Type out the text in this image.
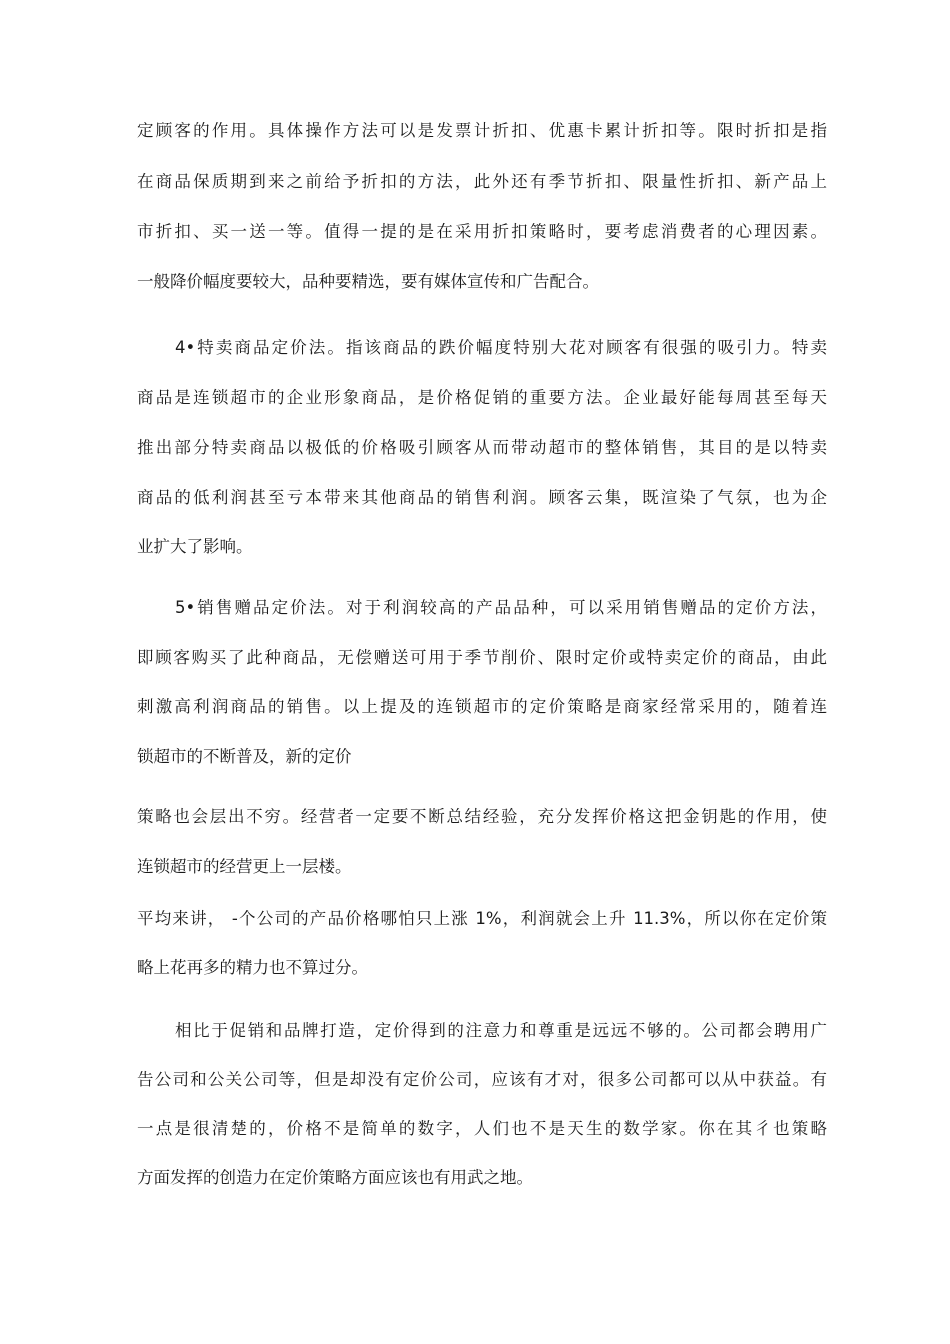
定顾客的作用。具体操作方法可以是发票计折扣、优惠卡累计折扣等。限时折扣是指
在商品保质期到来之前给予折扣的方法，此外还有季节折扣、限量性折扣、新产品上
市折扣、买一送一等。值得一提的是在采用折扣策略时，要考虑消费者的心理因素。
一般降价幅度要较大，品种要精选，要有媒体宣传和广告配合。
4•特卖商品定价法。指该商品的跌价幅度特别大花对顾客有很强的吸引力。特卖
商品是连锁超市的企业形象商品，是价格促销的重要方法。企业最好能每周甚至每天
推出部分特卖商品以极低的价格吸引顾客从而带动超市的整体销售，其目的是以特卖
商品的低利润甚至亏本带来其他商品的销售利润。顾客云集，既渲染了气氛，也为企
业扩大了影响。
5•销售赠品定价法。对于利润较高的产品品种，可以采用销售赠品的定价方法，
即顾客购买了此种商品，无偿赠送可用于季节削价、限时定价或特卖定价的商品，由此
刺激高利润商品的销售。以上提及的连锁超市的定价策略是商家经常采用的，随着连
锁超市的不断普及，新的定价
策略也会层出不穷。经营者一定要不断总结经验，充分发挥价格这把金钥匙的作用，使
连锁超市的经营更上一层楼。
平均来讲， -个公司的产品价格哪怕只上涨 1%，利润就会上升 11.3%，所以你在定价策
略上花再多的精力也不算过分。
相比于促销和品牌打造，定价得到的注意力和尊重是远远不够的。公司都会聘用广
告公司和公关公司等，但是却没有定价公司，应该有才对，很多公司都可以从中获益。有
一点是很清楚的，价格不是简单的数字，人们也不是天生的数学家。你在其彳也策略
方面发挥的创造力在定价策略方面应该也有用武之地。
